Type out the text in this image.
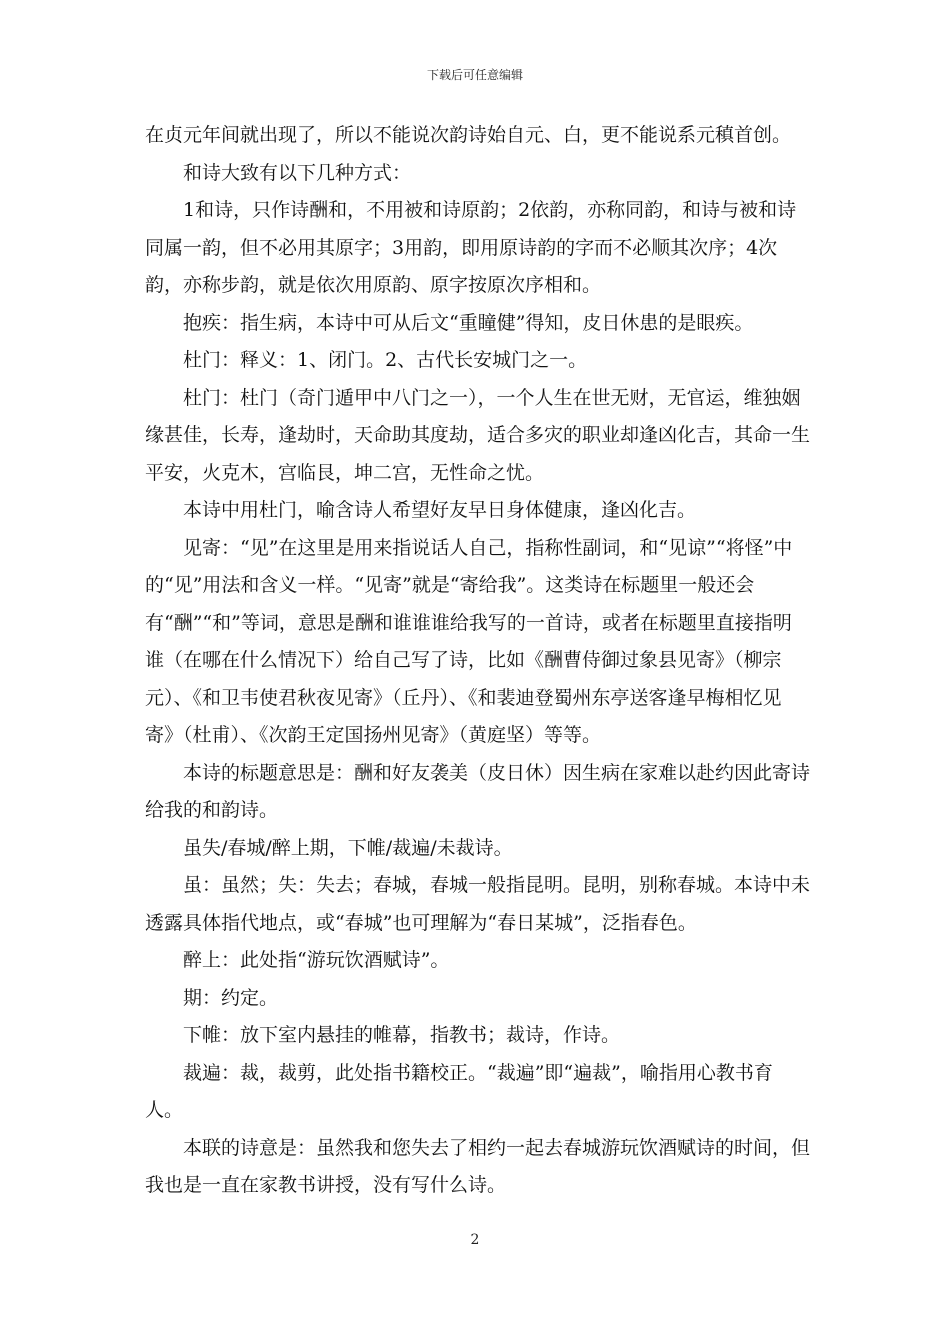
下载后可任意编辑

在贞元年间就出现了，所以不能说次韵诗始自元、白，更不能说系元稹首创。

和诗大致有以下几种方式：

1和诗，只作诗酬和，不用被和诗原韵；2依韵，亦称同韵，和诗与被和诗同属一韵，但不必用其原字；3用韵，即用原诗韵的字而不必顺其次序；4次韵，亦称步韵，就是依次用原韵、原字按原次序相和。

抱疾：指生病，本诗中可从后文“重瞳健”得知，皮日休患的是眼疾。

杜门：释义：1、闭门。2、古代长安城门之一。

杜门：杜门（奇门遁甲中八门之一），一个人生在世无财，无官运，维独姻缘甚佳，长寿，逢劫时，天命助其度劫，适合多灾的职业却逢凶化吉，其命一生平安，火克木，宫临艮，坤二宫，无性命之忧。

本诗中用杜门，喻含诗人希望好友早日身体健康，逢凶化吉。

见寄：“见”在这里是用来指说话人自己，指称性副词，和“见谅”“将怪”中的“见”用法和含义一样。“见寄”就是“寄给我”。这类诗在标题里一般还会有“酬”“和”等词，意思是酬和谁谁谁给我写的一首诗，或者在标题里直接指明谁（在哪在什么情况下）给自己写了诗，比如《酬曹侍御过象县见寄》（柳宗元）、《和卫韦使君秋夜见寄》（丘丹）、《和裴迪登蜀州东亭送客逢早梅相忆见寄》（杜甫）、《次韵王定国扬州见寄》（黄庭坚）等等。

本诗的标题意思是：酬和好友袭美（皮日休）因生病在家难以赴约因此寄诗给我的和韵诗。

虽失/春城/醉上期，下帷/裁遍/未裁诗。

虽：虽然；失：失去；春城，春城一般指昆明。昆明，别称春城。本诗中未透露具体指代地点，或“春城”也可理解为“春日某城”，泛指春色。

醉上：此处指“游玩饮酒赋诗”。

期：约定。

下帷：放下室内悬挂的帷幕，指教书；裁诗，作诗。

裁遍：裁，裁剪，此处指书籍校正。“裁遍”即“遍裁”，喻指用心教书育人。

本联的诗意是：虽然我和您失去了相约一起去春城游玩饮酒赋诗的时间，但我也是一直在家教书讲授，没有写什么诗。

2
